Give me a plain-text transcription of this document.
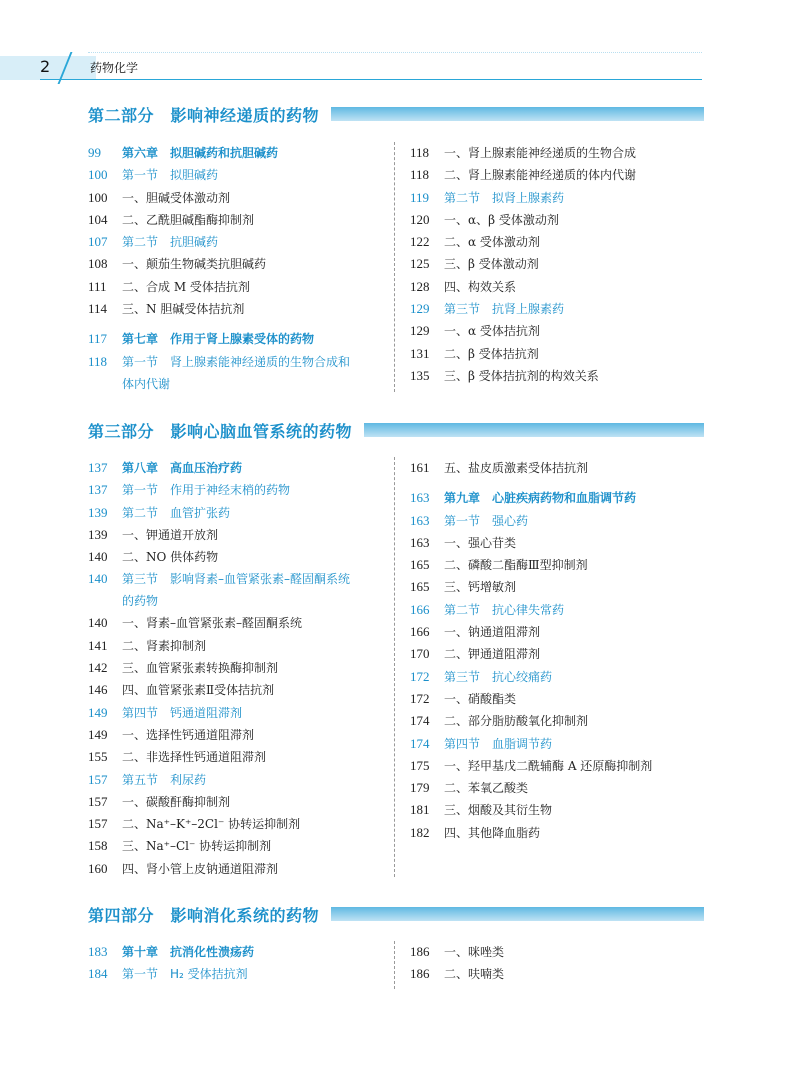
2	药物化学
第二部分　影响神经递质的药物
99	第六章　拟胆碱药和抗胆碱药
100	第一节　拟胆碱药
100	一、胆碱受体激动剂
104	二、乙酰胆碱酯酶抑制剂
107	第二节　抗胆碱药
108	一、颠茄生物碱类抗胆碱药
111	二、合成 M 受体拮抗剂
114	三、N 胆碱受体拮抗剂
117	第七章　作用于肾上腺素受体的药物
118	第一节　肾上腺素能神经递质的生物合成和体内代谢
118	一、肾上腺素能神经递质的生物合成
118	二、肾上腺素能神经递质的体内代谢
119	第二节　拟肾上腺素药
120	一、α、β 受体激动剂
122	二、α 受体激动剂
125	三、β 受体激动剂
128	四、构效关系
129	第三节　抗肾上腺素药
129	一、α 受体拮抗剂
131	二、β 受体拮抗剂
135	三、β 受体拮抗剂的构效关系
第三部分　影响心脑血管系统的药物
137	第八章　高血压治疗药
137	第一节　作用于神经末梢的药物
139	第二节　血管扩张药
139	一、钾通道开放剂
140	二、NO 供体药物
140	第三节　影响肾素–血管紧张素–醛固酮系统的药物
140	一、肾素–血管紧张素–醛固酮系统
141	二、肾素抑制剂
142	三、血管紧张素转换酶抑制剂
146	四、血管紧张素Ⅱ受体拮抗剂
149	第四节　钙通道阻滞剂
149	一、选择性钙通道阻滞剂
155	二、非选择性钙通道阻滞剂
157	第五节　利尿药
157	一、碳酸酐酶抑制剂
157	二、Na⁺–K⁺–2Cl⁻ 协转运抑制剂
158	三、Na⁺–Cl⁻ 协转运抑制剂
160	四、肾小管上皮钠通道阻滞剂
161	五、盐皮质激素受体拮抗剂
163	第九章　心脏疾病药物和血脂调节药
163	第一节　强心药
163	一、强心苷类
165	二、磷酸二酯酶Ⅲ型抑制剂
165	三、钙增敏剂
166	第二节　抗心律失常药
166	一、钠通道阻滞剂
170	二、钾通道阻滞剂
172	第三节　抗心绞痛药
172	一、硝酸酯类
174	二、部分脂肪酸氧化抑制剂
174	第四节　血脂调节药
175	一、羟甲基戊二酰辅酶 A 还原酶抑制剂
179	二、苯氧乙酸类
181	三、烟酸及其衍生物
182	四、其他降血脂药
第四部分　影响消化系统的药物
183	第十章　抗消化性溃疡药
184	第一节　H₂ 受体拮抗剂
186	一、咪唑类
186	二、呋喃类
